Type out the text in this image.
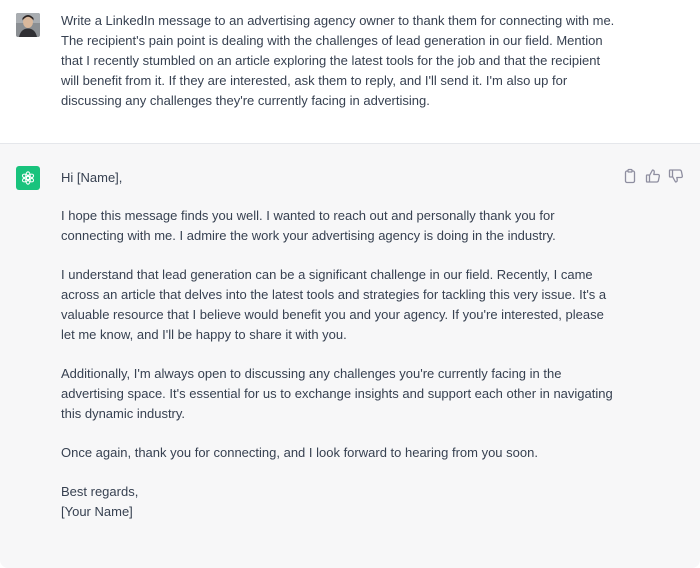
Write a LinkedIn message to an advertising agency owner to thank them for connecting with me. The recipient's pain point is dealing with the challenges of lead generation in our field. Mention that I recently stumbled on an article exploring the latest tools for the job and that the recipient will benefit from it. If they are interested, ask them to reply, and I'll send it. I'm also up for discussing any challenges they're currently facing in advertising.

Hi [Name],

I hope this message finds you well. I wanted to reach out and personally thank you for connecting with me. I admire the work your advertising agency is doing in the industry.

I understand that lead generation can be a significant challenge in our field. Recently, I came across an article that delves into the latest tools and strategies for tackling this very issue. It's a valuable resource that I believe would benefit you and your agency. If you're interested, please let me know, and I'll be happy to share it with you.

Additionally, I'm always open to discussing any challenges you're currently facing in the advertising space. It's essential for us to exchange insights and support each other in navigating this dynamic industry.

Once again, thank you for connecting, and I look forward to hearing from you soon.

Best regards,
[Your Name]
